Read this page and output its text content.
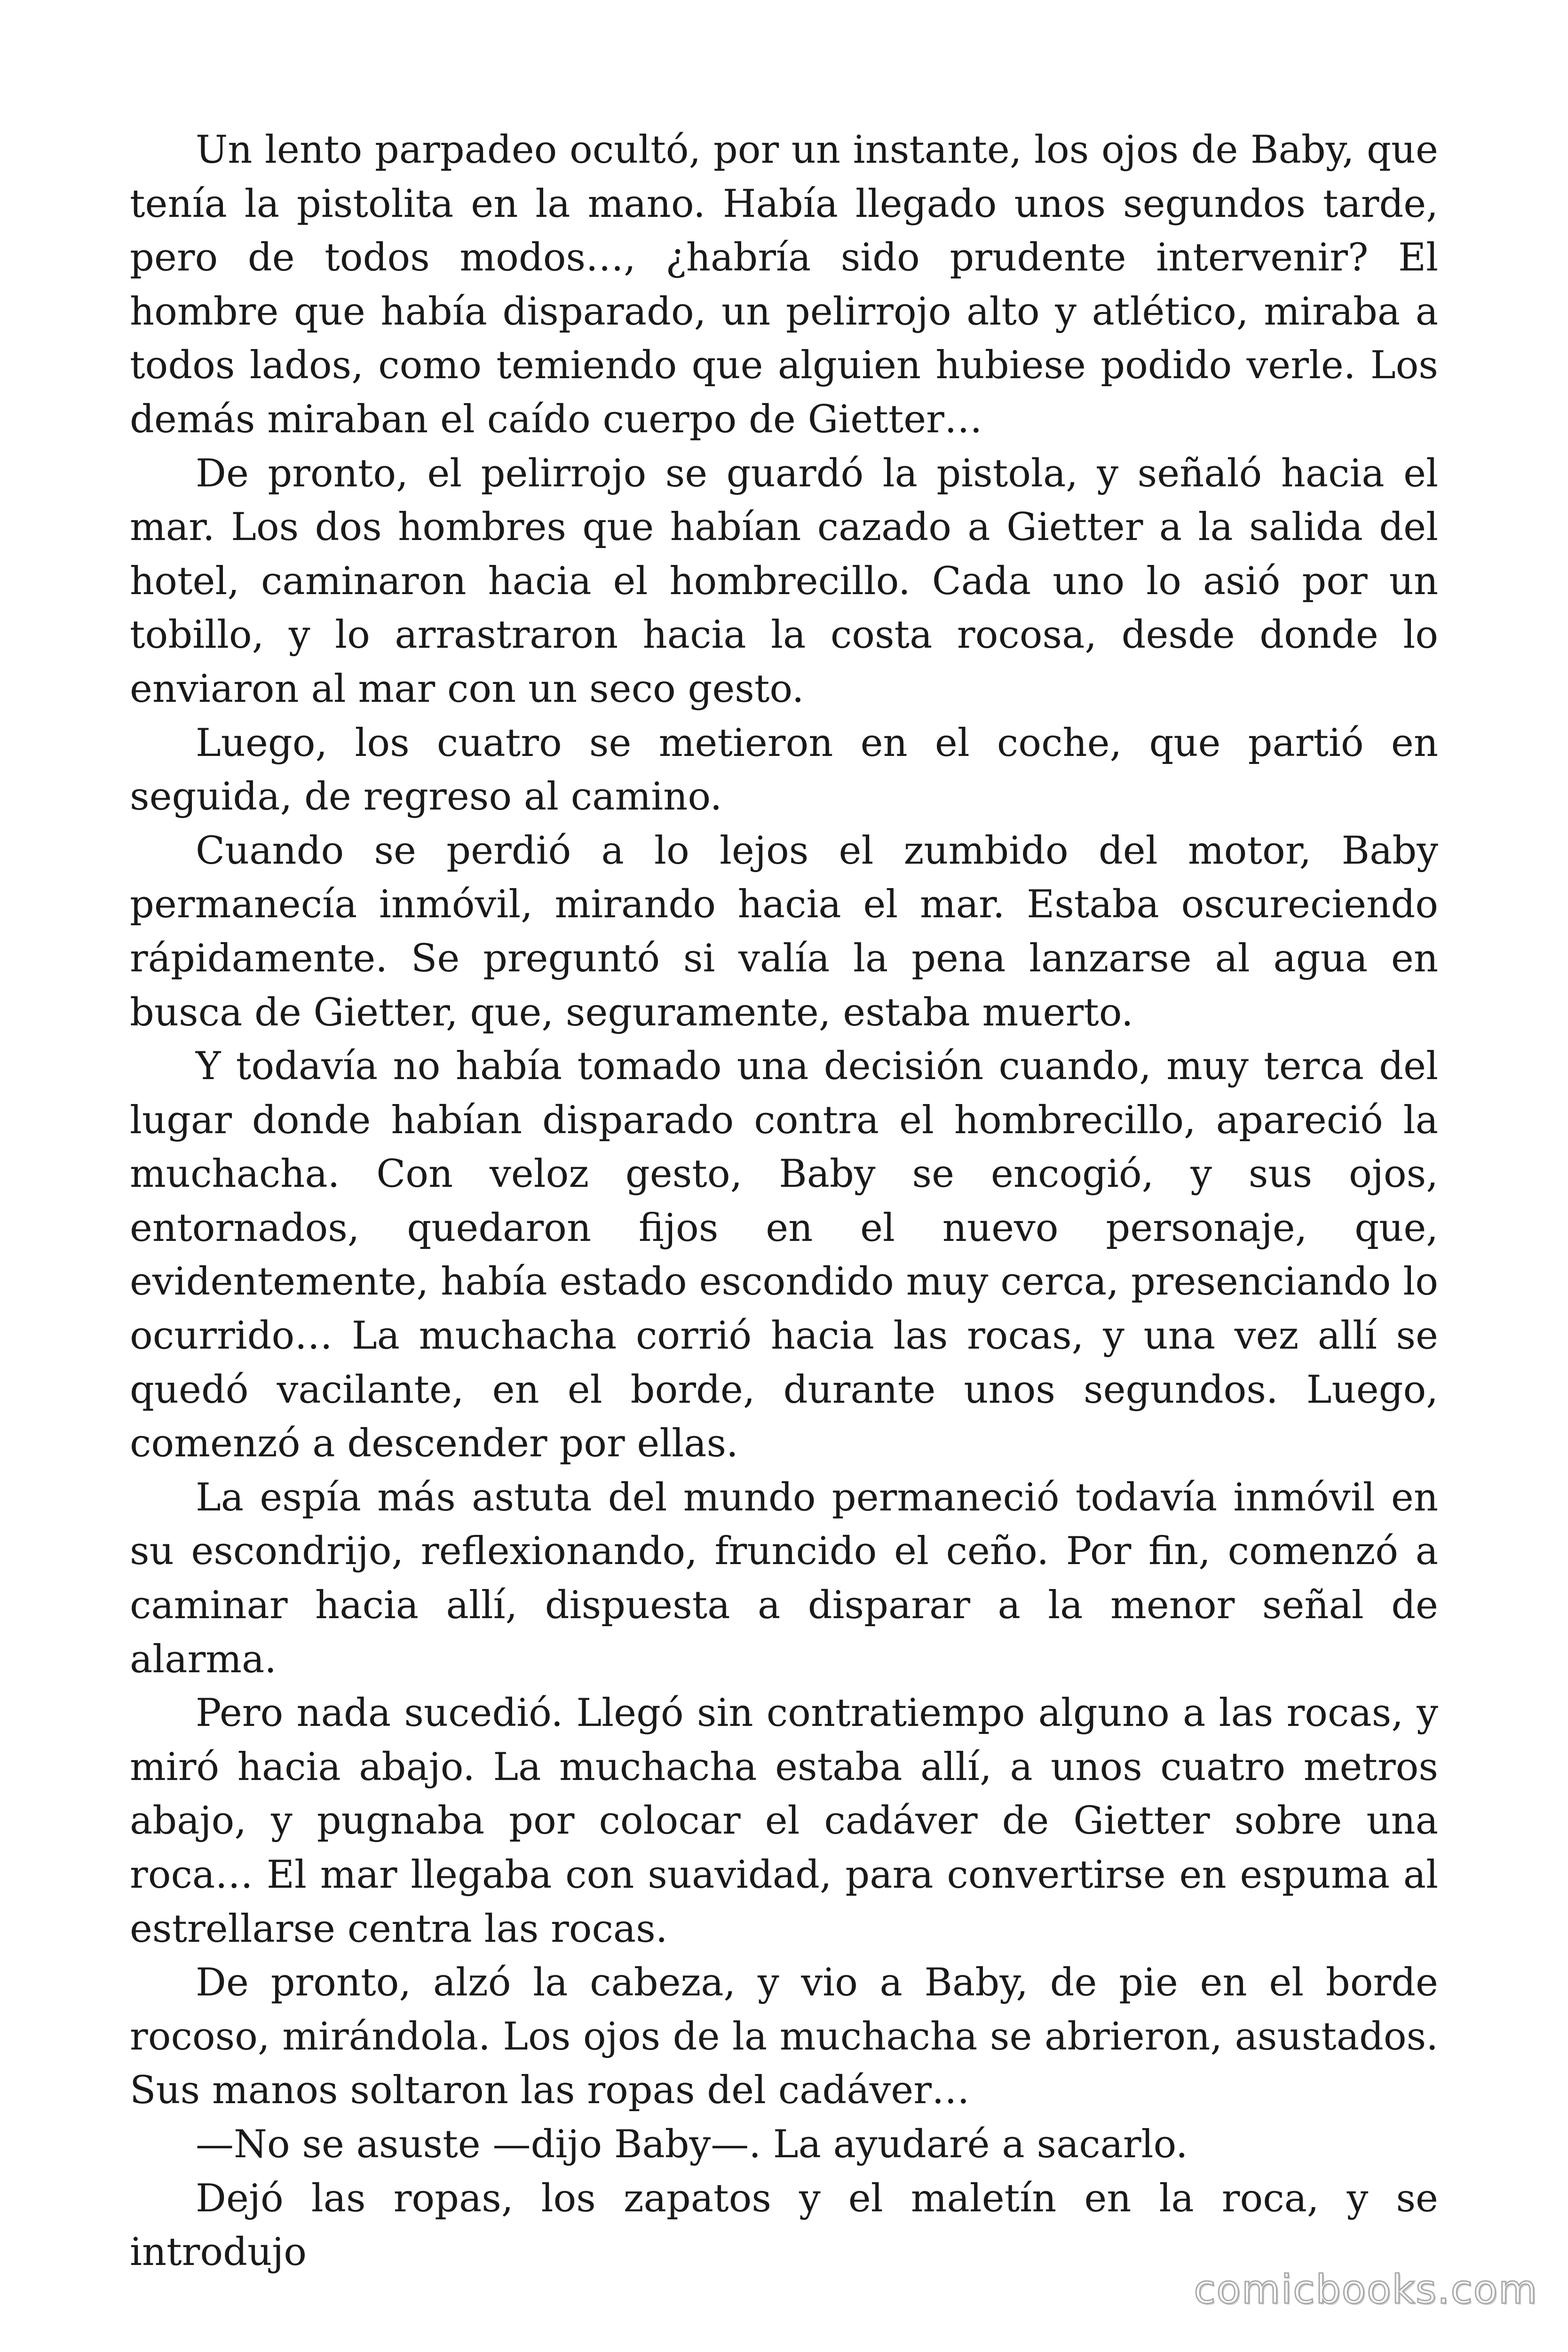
Un lento parpadeo ocultó, por un instante, los ojos de Baby, que tenía la pistolita en la mano. Había llegado unos segundos tarde, pero de todos modos…, ¿habría sido prudente intervenir? El hombre que había disparado, un pelirrojo alto y atlético, miraba a todos lados, como temiendo que alguien hubiese podido verle. Los demás miraban el caído cuerpo de Gietter…

De pronto, el pelirrojo se guardó la pistola, y señaló hacia el mar. Los dos hombres que habían cazado a Gietter a la salida del hotel, caminaron hacia el hombrecillo. Cada uno lo asió por un tobillo, y lo arrastraron hacia la costa rocosa, desde donde lo enviaron al mar con un seco gesto.

Luego, los cuatro se metieron en el coche, que partió en seguida, de regreso al camino.

Cuando se perdió a lo lejos el zumbido del motor, Baby permanecía inmóvil, mirando hacia el mar. Estaba oscureciendo rápidamente. Se preguntó si valía la pena lanzarse al agua en busca de Gietter, que, seguramente, estaba muerto.

Y todavía no había tomado una decisión cuando, muy terca del lugar donde habían disparado contra el hombrecillo, apareció la muchacha. Con veloz gesto, Baby se encogió, y sus ojos, entornados, quedaron fijos en el nuevo personaje, que, evidentemente, había estado escondido muy cerca, presenciando lo ocurrido… La muchacha corrió hacia las rocas, y una vez allí se quedó vacilante, en el borde, durante unos segundos. Luego, comenzó a descender por ellas.

La espía más astuta del mundo permaneció todavía inmóvil en su escondrijo, reflexionando, fruncido el ceño. Por fin, comenzó a caminar hacia allí, dispuesta a disparar a la menor señal de alarma.

Pero nada sucedió. Llegó sin contratiempo alguno a las rocas, y miró hacia abajo. La muchacha estaba allí, a unos cuatro metros abajo, y pugnaba por colocar el cadáver de Gietter sobre una roca… El mar llegaba con suavidad, para convertirse en espuma al estrellarse centra las rocas.

De pronto, alzó la cabeza, y vio a Baby, de pie en el borde rocoso, mirándola. Los ojos de la muchacha se abrieron, asustados. Sus manos soltaron las ropas del cadáver…

—No se asuste —dijo Baby—. La ayudaré a sacarlo.

Dejó las ropas, los zapatos y el maletín en la roca, y se introdujo

comicbooks.com
